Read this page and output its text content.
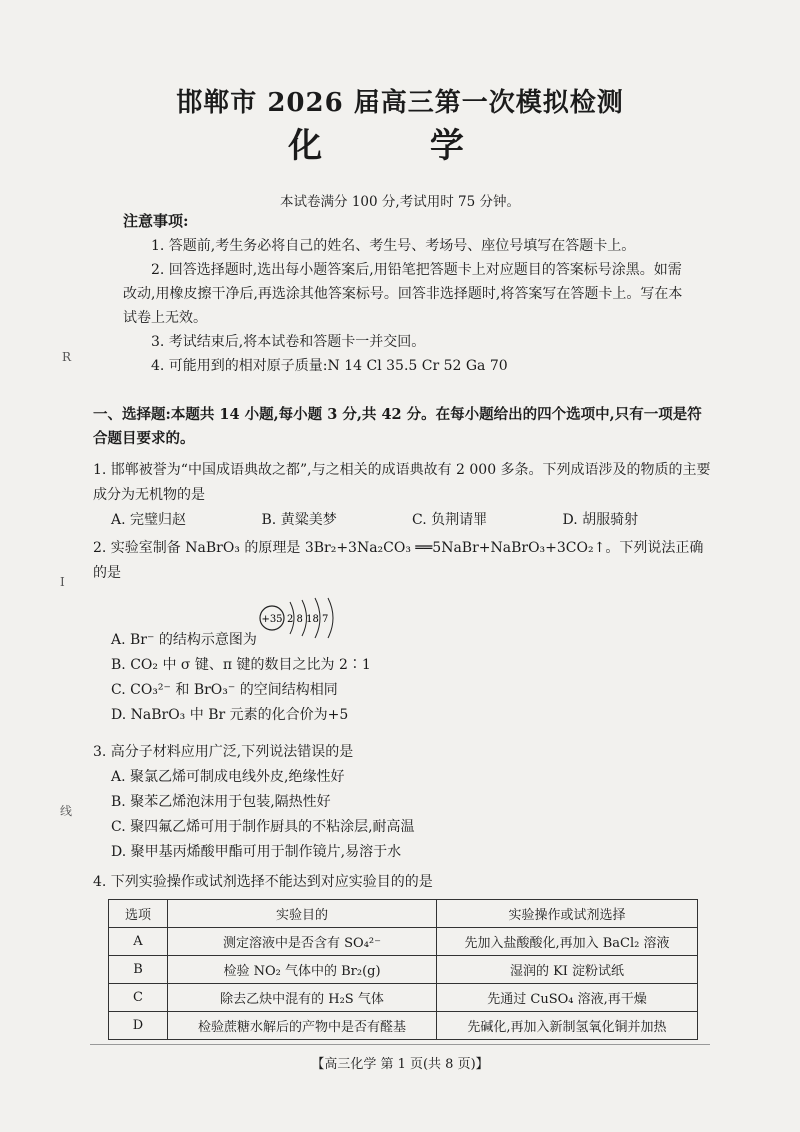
邯郸市 2026 届高三第一次模拟检测
化 学
本试卷满分 100 分,考试用时 75 分钟。
注意事项:

1. 答题前,考生务必将自己的姓名、考生号、考场号、座位号填写在答题卡上。

2. 回答选择题时,选出每小题答案后,用铅笔把答题卡上对应题目的答案标号涂黑。如需改动,用橡皮擦干净后,再选涂其他答案标号。回答非选择题时,将答案写在答题卡上。写在本试卷上无效。

3. 考试结束后,将本试卷和答题卡一并交回。

4. 可能用到的相对原子质量:N 14 Cl 35.5 Cr 52 Ga 70

一、选择题:本题共 14 小题,每小题 3 分,共 42 分。在每小题给出的四个选项中,只有一项是符合题目要求的。

1. 邯郸被誉为“中国成语典故之都”,与之相关的成语典故有 2 000 多条。下列成语涉及的物质的主要成分为无机物的是

A. 完璧归赵	B. 黄粱美梦	C. 负荆请罪	D. 胡服骑射

2. 实验室制备 NaBrO₃ 的原理是 3Br₂+3Na₂CO₃ ══5NaBr+NaBrO₃+3CO₂↑。下列说法正确的是

A. Br⁻ 的结构示意图为

B. CO₂ 中 σ 键、π 键的数目之比为 2∶1

C. CO₃²⁻ 和 BrO₃⁻ 的空间结构相同

D. NaBrO₃ 中 Br 元素的化合价为+5

+35 2 8 18 7

3. 高分子材料应用广泛,下列说法错误的是

A. 聚氯乙烯可制成电线外皮,绝缘性好

B. 聚苯乙烯泡沫用于包装,隔热性好

C. 聚四氟乙烯可用于制作厨具的不粘涂层,耐高温

D. 聚甲基丙烯酸甲酯可用于制作镜片,易溶于水

4. 下列实验操作或试剂选择不能达到对应实验目的的是
选项	实验目的	实验操作或试剂选择
A	测定溶液中是否含有 SO₄²⁻	先加入盐酸酸化,再加入 BaCl₂ 溶液
B	检验 NO₂ 气体中的 Br₂(g)	湿润的 KI 淀粉试纸
C	除去乙炔中混有的 H₂S 气体	先通过 CuSO₄ 溶液,再干燥
D	检验蔗糖水解后的产物中是否有醛基	先碱化,再加入新制氢氧化铜并加热
【高三化学 第 1 页(共 8 页)】
R
I
线
